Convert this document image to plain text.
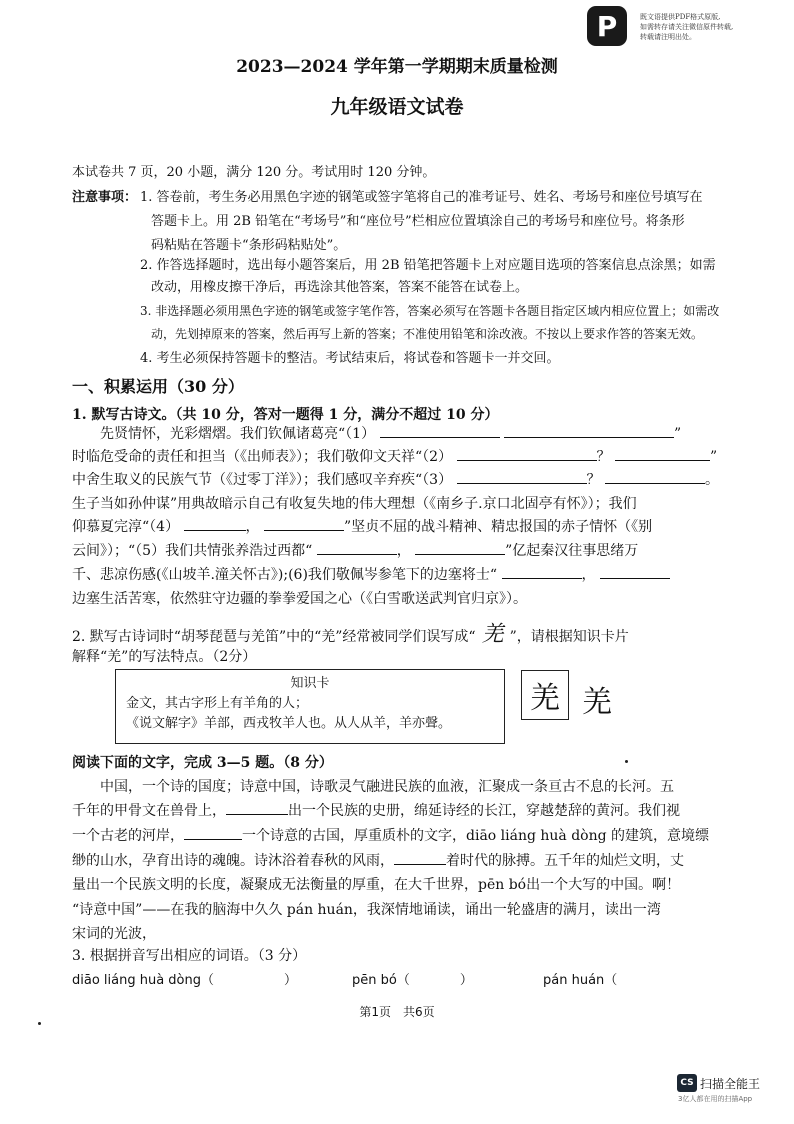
P	既文语提供PDF格式原版,
如需转存请关注微信原件转载,
转载请注明出处。
2023—2024 学年第一学期期末质量检测
九年级语文试卷
本试卷共 7 页，20 小题，满分 120 分。考试用时 120 分钟。
注意事项： 1. 答卷前，考生务必用黑色字迹的钢笔或签字笔将自己的准考证号、姓名、考场号和座位号填写在
答题卡上。用 2B 铅笔在“考场号”和“座位号”栏相应位置填涂自己的考场号和座位号。将条形
码粘贴在答题卡“条形码粘贴处”。
2. 作答选择题时，选出每小题答案后，用 2B 铅笔把答题卡上对应题目选项的答案信息点涂黑；如需
改动，用橡皮擦干净后，再选涂其他答案，答案不能答在试卷上。
3. 非选择题必须用黑色字迹的钢笔或签字笔作答，答案必须写在答题卡各题目指定区域内相应位置上；如需改
动，先划掉原来的答案，然后再写上新的答案；不准使用铅笔和涂改液。不按以上要求作答的答案无效。
4. 考生必须保持答题卡的整洁。考试结束后，将试卷和答题卡一并交回。
一、积累运用（30 分）
1. 默写古诗文。（共 10 分，答对一题得 1 分，满分不超过 10 分）
先贤情怀，光彩熠熠。我们钦佩诸葛亮“（1）	”
时临危受命的责任和担当（《出师表》）；我们敬仰文天祥“（2）	？	”
中舍生取义的民族气节（《过零丁洋》）；我们感叹辛弃疾“（3）	？	。
生子当如孙仲谋”用典故暗示自己有收复失地的伟大理想（《南乡子.京口北固亭有怀》）；我们
仰慕夏完淳“（4）	，	”坚贞不屈的战斗精神、精忠报国的赤子情怀（《别
云间》）；“（5）我们共情张养浩过西都“	，	”亿起秦汉往事思绪万
千、悲凉伤感(《山坡羊.潼关怀古》);(6)我们敬佩岑参笔下的边塞将士“	，
边塞生活苦寒，依然驻守边疆的拳拳爱国之心（《白雪歌送武判官归京》）。
2. 默写古诗词时“胡琴琵琶与羌笛”中的“羌”经常被同学们误写成“ 羌 ”，请根据知识卡片
解释“羌”的写法特点。（2分）
知识卡
金文，其古字形上有羊角的人；
《说文解字》羊部，西戎牧羊人也。从人从羊，羊亦聲。
羌 羌
阅读下面的文字，完成 3—5 题。（8 分）
中国，一个诗的国度；诗意中国，诗歌灵气融进民族的血液，汇聚成一条亘古不息的长河。五
千年的甲骨文在兽骨上，	出一个民族的史册，绵延诗经的长江，穿越楚辞的黄河。我们视
一个古老的河岸，	一个诗意的古国，厚重质朴的文字，diāo liáng huà dòng 的建筑，意境缥
缈的山水，孕育出诗的魂魄。诗沐浴着春秋的风雨，	着时代的脉搏。五千年的灿烂文明，丈
量出一个民族文明的长度，凝聚成无法衡量的厚重，在大千世界，pēn bó出一个大写的中国。啊！
“诗意中国”——在我的脑海中久久 pán huán，我深情地诵读，诵出一轮盛唐的满月，读出一湾
宋词的光波，
3. 根据拼音写出相应的词语。（3 分）
diāo liáng huà dòng（	）	pēn bó（	）	pán huán（
第1页　共6页
CS 扫描全能王
3亿人都在用的扫描App
